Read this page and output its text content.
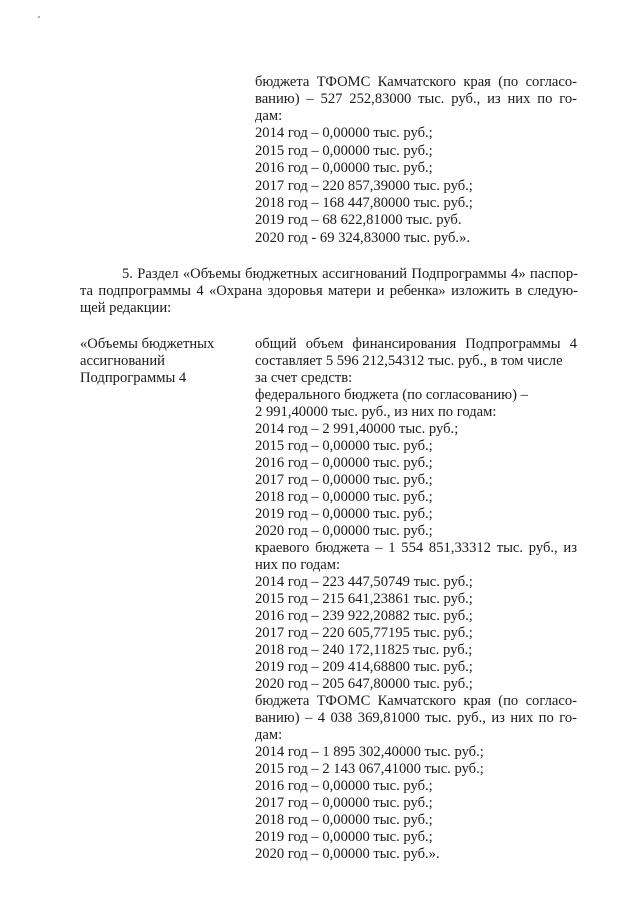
бюджета ТФОМС Камчатского края (по согласо-
ванию) – 527 252,83000 тыс. руб., из них по го-
дам:
2014 год – 0,00000 тыс. руб.;
2015 год – 0,00000 тыс. руб.;
2016 год – 0,00000 тыс. руб.;
2017 год – 220 857,39000 тыс. руб.;
2018 год – 168 447,80000 тыс. руб.;
2019 год – 68 622,81000 тыс. руб.
2020 год - 69 324,83000 тыс. руб.».
5. Раздел «Объемы бюджетных ассигнований Подпрограммы 4» паспор-
та подпрограммы 4 «Охрана здоровья матери и ребенка» изложить в следую-
щей редакции:
«Объемы бюджетных
ассигнований
Подпрограммы 4
общий объем финансирования Подпрограммы 4
составляет 5 596 212,54312 тыс. руб., в том числе
за счет средств:
федерального бюджета (по согласованию) –
2 991,40000 тыс. руб., из них по годам:
2014 год – 2 991,40000 тыс. руб.;
2015 год – 0,00000 тыс. руб.;
2016 год – 0,00000 тыс. руб.;
2017 год – 0,00000 тыс. руб.;
2018 год – 0,00000 тыс. руб.;
2019 год – 0,00000 тыс. руб.;
2020 год – 0,00000 тыс. руб.;
краевого бюджета – 1 554 851,33312 тыс. руб., из
них по годам:
2014 год – 223 447,50749 тыс. руб.;
2015 год – 215 641,23861 тыс. руб.;
2016 год – 239 922,20882 тыс. руб.;
2017 год – 220 605,77195 тыс. руб.;
2018 год – 240 172,11825 тыс. руб.;
2019 год – 209 414,68800 тыс. руб.;
2020 год – 205 647,80000 тыс. руб.;
бюджета ТФОМС Камчатского края (по согласо-
ванию) – 4 038 369,81000 тыс. руб., из них по го-
дам:
2014 год – 1 895 302,40000 тыс. руб.;
2015 год – 2 143 067,41000 тыс. руб.;
2016 год – 0,00000 тыс. руб.;
2017 год – 0,00000 тыс. руб.;
2018 год – 0,00000 тыс. руб.;
2019 год – 0,00000 тыс. руб.;
2020 год – 0,00000 тыс. руб.».
